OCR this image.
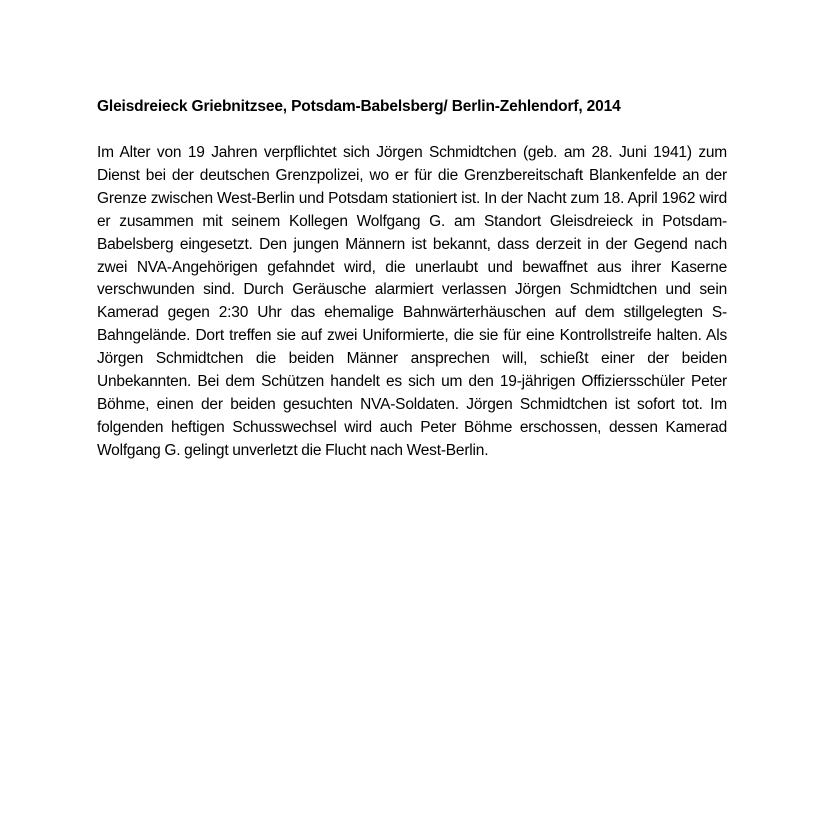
Gleisdreieck Griebnitzsee, Potsdam-Babelsberg/ Berlin-Zehlendorf, 2014

Im Alter von 19 Jahren verpflichtet sich Jörgen Schmidtchen (geb. am 28. Juni 1941) zum Dienst bei der deutschen Grenzpolizei, wo er für die Grenzbereitschaft Blankenfelde an der Grenze zwischen West-Berlin und Potsdam stationiert ist. In der Nacht zum 18. April 1962 wird er zusammen mit seinem Kollegen Wolfgang G. am Standort Gleisdreieck in Potsdam-Babelsberg eingesetzt. Den jungen Männern ist bekannt, dass derzeit in der Gegend nach zwei NVA-Angehörigen gefahndet wird, die unerlaubt und bewaffnet aus ihrer Kaserne verschwunden sind. Durch Geräusche alarmiert verlassen Jörgen Schmidtchen und sein Kamerad gegen 2:30 Uhr das ehemalige Bahnwärterhäuschen auf dem stillgelegten S-Bahngelände. Dort treffen sie auf zwei Uniformierte, die sie für eine Kontrollstreife halten. Als Jörgen Schmidtchen die beiden Männer ansprechen will, schießt einer der beiden Unbekannten. Bei dem Schützen handelt es sich um den 19-jährigen Offiziersschüler Peter Böhme, einen der beiden gesuchten NVA-Soldaten. Jörgen Schmidtchen ist sofort tot. Im folgenden heftigen Schusswechsel wird auch Peter Böhme erschossen, dessen Kamerad Wolfgang G. gelingt unverletzt die Flucht nach West-Berlin.
